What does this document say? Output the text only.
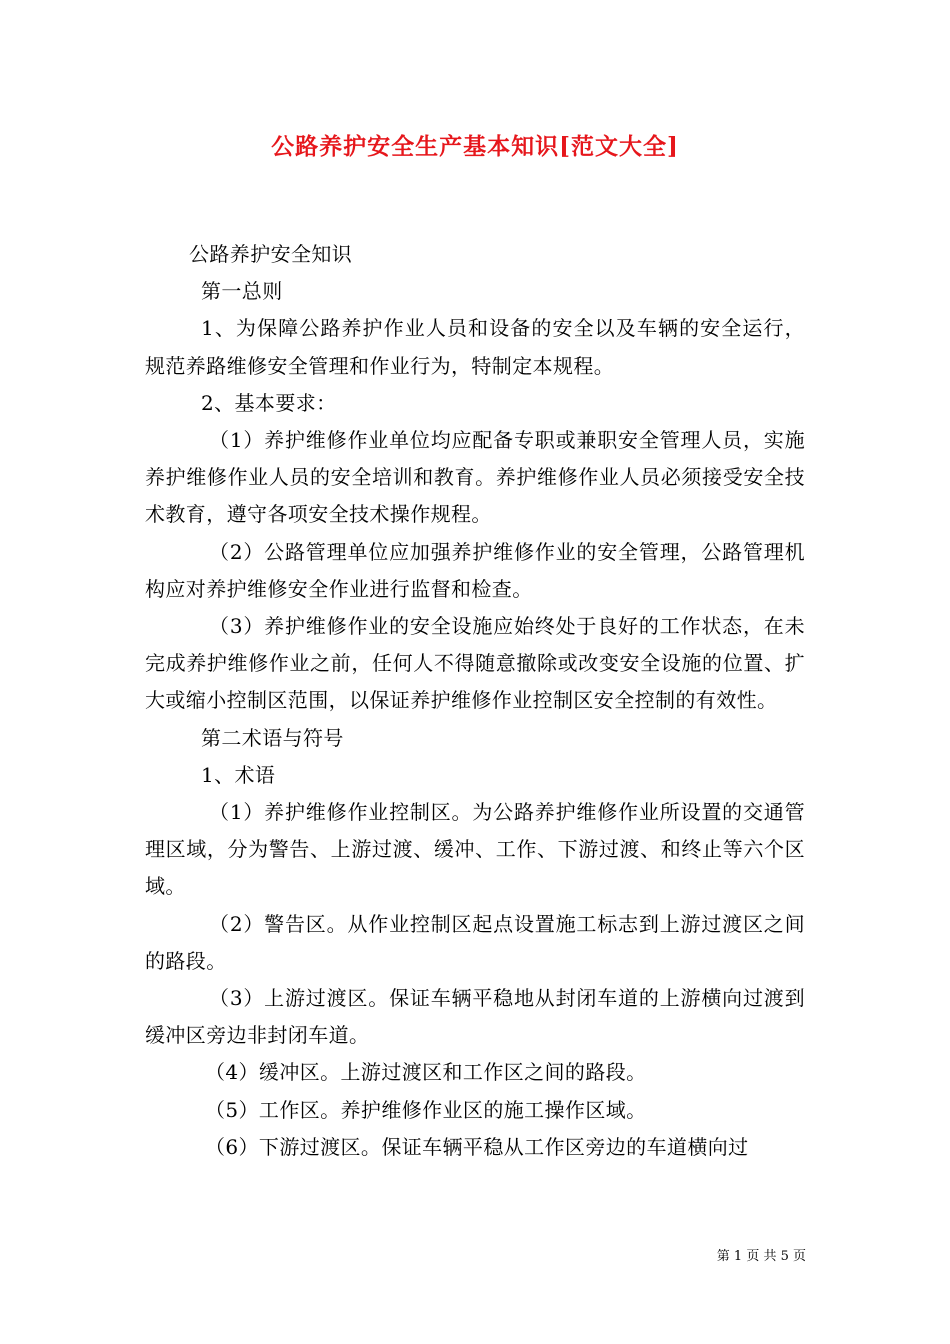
公路养护安全生产基本知识[范文大全]

公路养护安全知识

第一总则

1、为保障公路养护作业人员和设备的安全以及车辆的安全运行，规范养路维修安全管理和作业行为，特制定本规程。

2、基本要求：

（1）养护维修作业单位均应配备专职或兼职安全管理人员，实施养护维修作业人员的安全培训和教育。养护维修作业人员必须接受安全技术教育，遵守各项安全技术操作规程。

（2）公路管理单位应加强养护维修作业的安全管理，公路管理机构应对养护维修安全作业进行监督和检查。

（3）养护维修作业的安全设施应始终处于良好的工作状态，在未完成养护维修作业之前，任何人不得随意撤除或改变安全设施的位置、扩大或缩小控制区范围，以保证养护维修作业控制区安全控制的有效性。

第二术语与符号

1、术语

（1）养护维修作业控制区。为公路养护维修作业所设置的交通管理区域，分为警告、上游过渡、缓冲、工作、下游过渡、和终止等六个区域。

（2）警告区。从作业控制区起点设置施工标志到上游过渡区之间的路段。

（3）上游过渡区。保证车辆平稳地从封闭车道的上游横向过渡到缓冲区旁边非封闭车道。

（4）缓冲区。上游过渡区和工作区之间的路段。

（5）工作区。养护维修作业区的施工操作区域。

（6）下游过渡区。保证车辆平稳从工作区旁边的车道横向过

第 1 页 共 5 页
